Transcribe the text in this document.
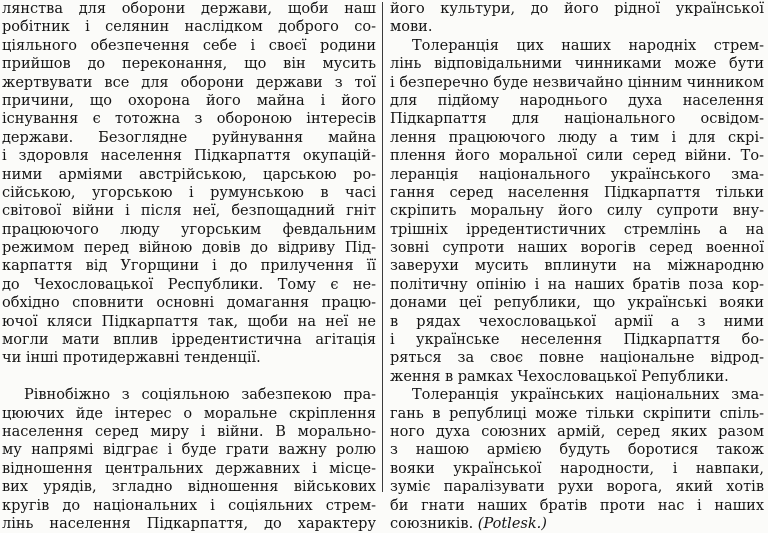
лянства для оборони держави, щоби наш
робітник і селянин наслідком доброго со-
ціяльного обезпечення себе і своєї родини
прийшов до переконання, що він мусить
жертвувати все для оборони держави з тої
причини, що охорона його майна і його
існування є тотожна з обороною інтересів
держави. Безоглядне руйнування майна
і здоровля населення Підкарпаття окупацій-
ними арміями австрійською, царською ро-
сійською, угорською і румунською в часі
світової війни і після неї, безпощадний гніт
працюючого люду угорським февдальним
режимом перед війною довів до відриву Під-
карпаття від Угорщини і до прилучення її
до Чехословацької Республики. Тому є не-
обхідно сповнити основні домагання працю-
ючої кляси Підкарпаття так, щоби на неї не
могли мати вплив ірредентистична агітація
чи інші протидержавні тенденції.
Рівнобіжно з соціяльною забезпекою пра-
цюючих йде інтерес о моральне скріплення
населення серед миру і війни. В морально-
му напрямі відграє і буде грати важну ролю
відношення центральних державних і місце-
вих урядів, згладно відношення військових
кругів до національних і соціяльних стрем-
лінь населення Підкарпаття, до характеру
його культури, до його рідної української
мови.
Толеранція цих наших народніх стрем-
лінь відповідальними чинниками може бути
і безперечно буде незвичайно цінним чинником
для підйому народнього духа населення
Підкарпаття для національного освідом-
лення працюючого люду а тим і для скрі-
плення його моральної сили серед війни. То-
леранція національного українського зма-
гання серед населення Підкарпаття тільки
скріпить моральну його силу супроти вну-
трішніх ірредентистичних стремлінь а на
зовні супроти наших ворогів серед военної
заверухи мусить вплинути на міжнародню
політичну опінію і на наших братів поза кор-
донами цеї републики, що українські вояки
в рядах чехословацької армії а з ними
і українське неселення Підкарпаття бо-
ряться за своє повне національне відрод-
ження в рамках Чехословацької Републики.
Толеранція українських національних зма-
гань в републиці може тільки скріпити спіль-
ного духа союзних армій, серед яких разом
з нашою армією будуть боротися також
вояки української народности, і навпаки,
зуміє паралізувати рухи ворога, який хотів
би гнати наших братів проти нас і наших
союзників. (Potlesk.)
